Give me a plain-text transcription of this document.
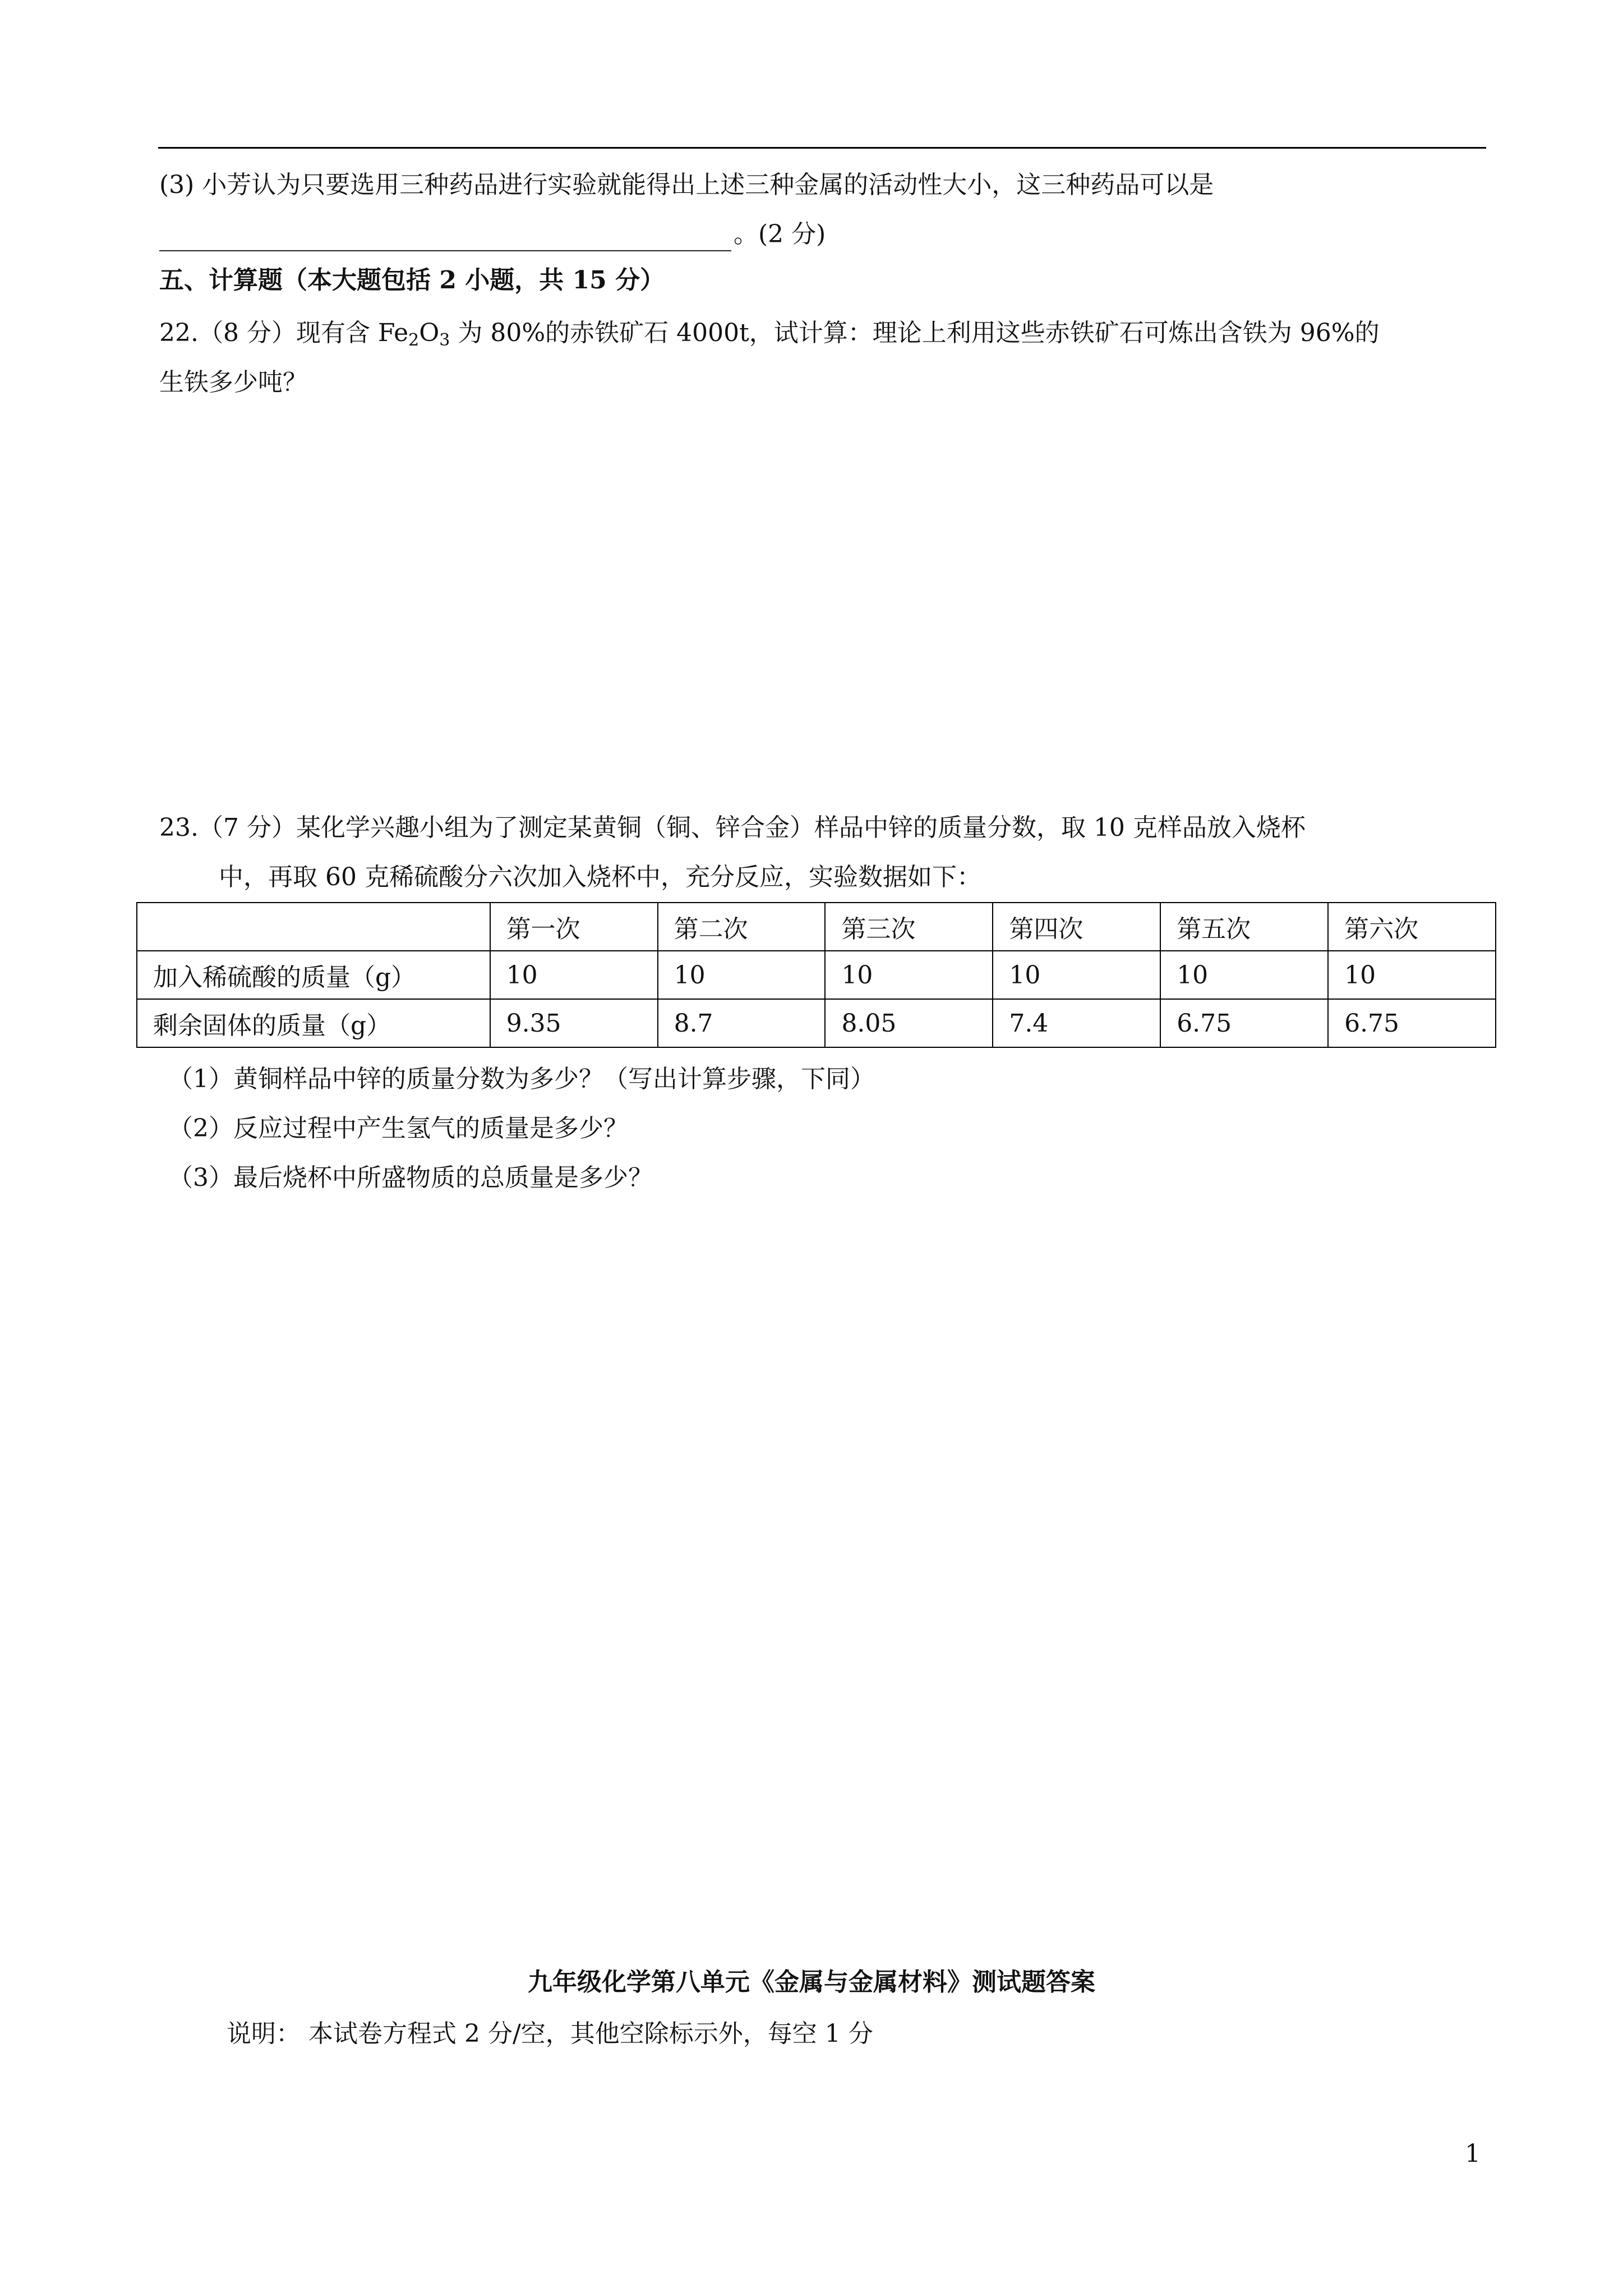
(3) 小芳认为只要选用三种药品进行实验就能得出上述三种金属的活动性大小，这三种药品可以是
。(2 分)
五、计算题（本大题包括 2 小题，共 15 分）
22.（8 分）现有含 $Fe_2O_3$ 为 80%的赤铁矿石 4000t，试计算：理论上利用这些赤铁矿石可炼出含铁为 96%的
生铁多少吨？
23.（7 分）某化学兴趣小组为了测定某黄铜（铜、锌合金）样品中锌的质量分数，取 10 克样品放入烧杯
中，再取 60 克稀硫酸分六次加入烧杯中，充分反应，实验数据如下：
	第一次	第二次	第三次	第四次	第五次	第六次
加入稀硫酸的质量（g）	10	10	10	10	10	10
剩余固体的质量（g）	9.35	8.7	8.05	7.4	6.75	6.75
（1）黄铜样品中锌的质量分数为多少？（写出计算步骤，下同）
（2）反应过程中产生氢气的质量是多少？
（3）最后烧杯中所盛物质的总质量是多少？
九年级化学第八单元《金属与金属材料》测试题答案
说明： 本试卷方程式 2 分/空，其他空除标示外，每空 1 分
1
